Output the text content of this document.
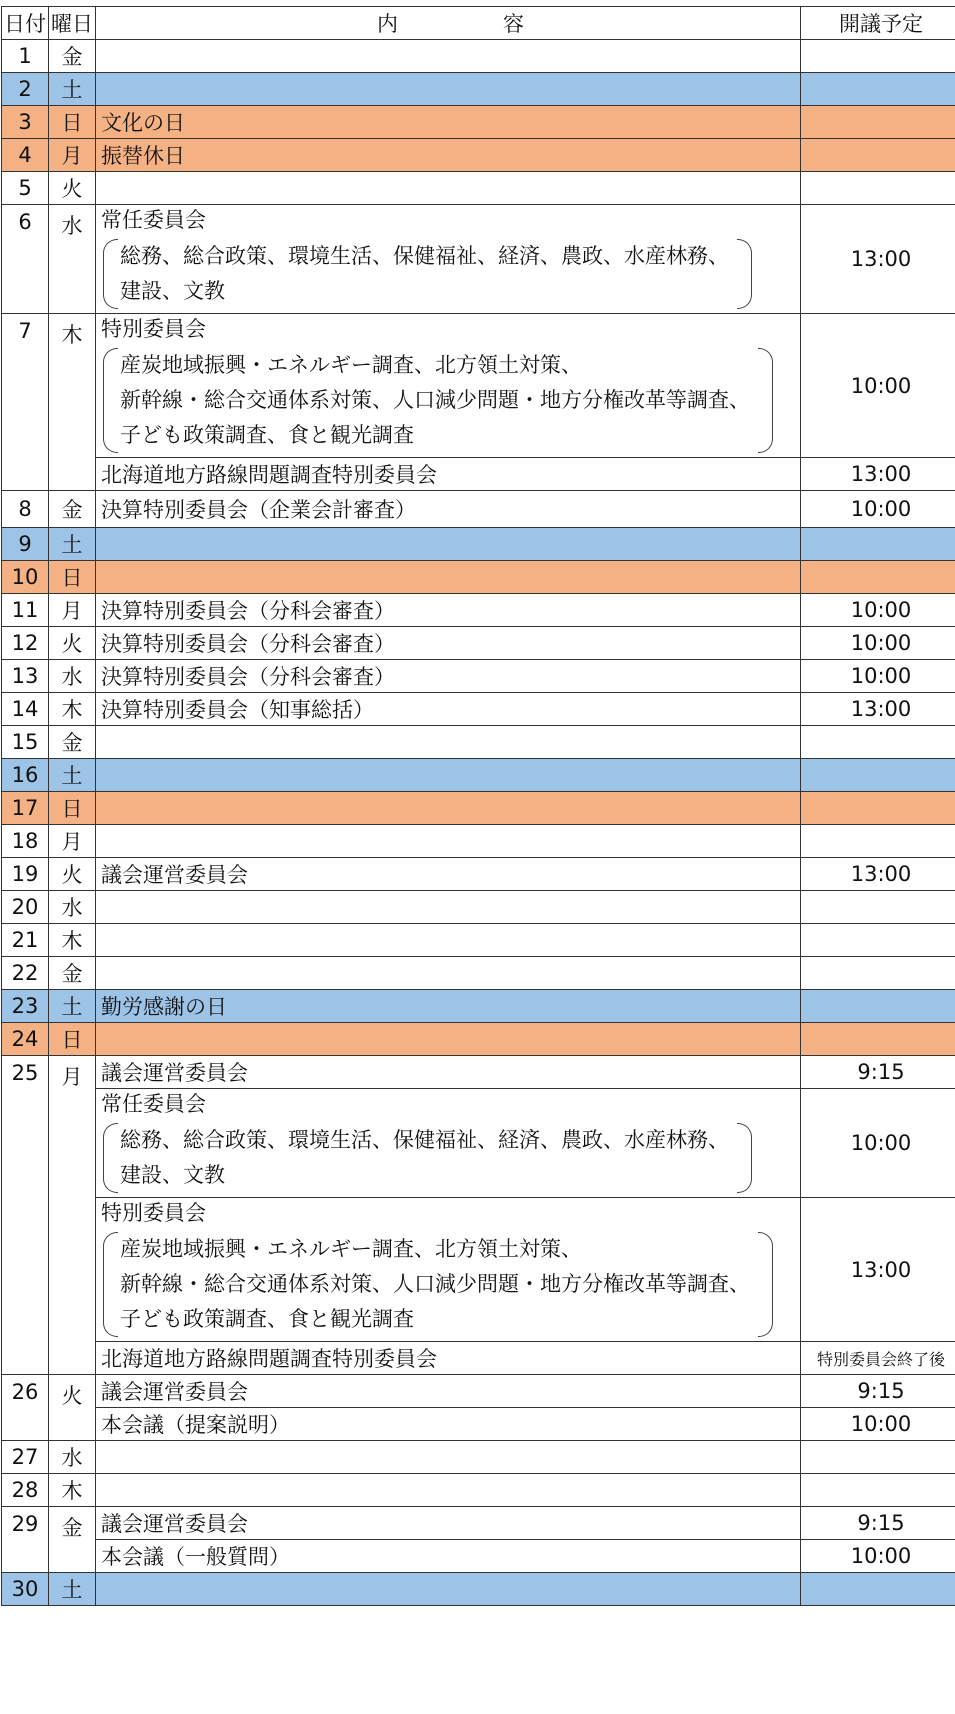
日付	曜日	内　　　　　容	開議予定
1	金		
2	土		
3	日	文化の日	
4	月	振替休日	
5	火		
6	水	常任委員会
総務、総合政策、環境生活、保健福祉、経済、農政、水産林務、
建設、文教	13:00
7	木	特別委員会
産炭地域振興・エネルギー調査、北方領土対策、
新幹線・総合交通体系対策、人口減少問題・地方分権改革等調査、
子ども政策調査、食と観光調査	10:00
		北海道地方路線問題調査特別委員会	13:00
8	金	決算特別委員会（企業会計審査）	10:00
9	土		
10	日		
11	月	決算特別委員会（分科会審査）	10:00
12	火	決算特別委員会（分科会審査）	10:00
13	水	決算特別委員会（分科会審査）	10:00
14	木	決算特別委員会（知事総括）	13:00
15	金		
16	土		
17	日		
18	月		
19	火	議会運営委員会	13:00
20	水		
21	木		
22	金		
23	土	勤労感謝の日	
24	日		
25	月	議会運営委員会	9:15

		常任委員会
総務、総合政策、環境生活、保健福祉、経済、農政、水産林務、
建設、文教	10:00

		特別委員会
産炭地域振興・エネルギー調査、北方領土対策、
新幹線・総合交通体系対策、人口減少問題・地方分権改革等調査、
子ども政策調査、食と観光調査	13:00
		北海道地方路線問題調査特別委員会	特別委員会終了後
26	火	議会運営委員会	9:15
		本会議（提案説明）	10:00
27	水		
28	木		
29	金	議会運営委員会	9:15
		本会議（一般質問）	10:00
30	土		
